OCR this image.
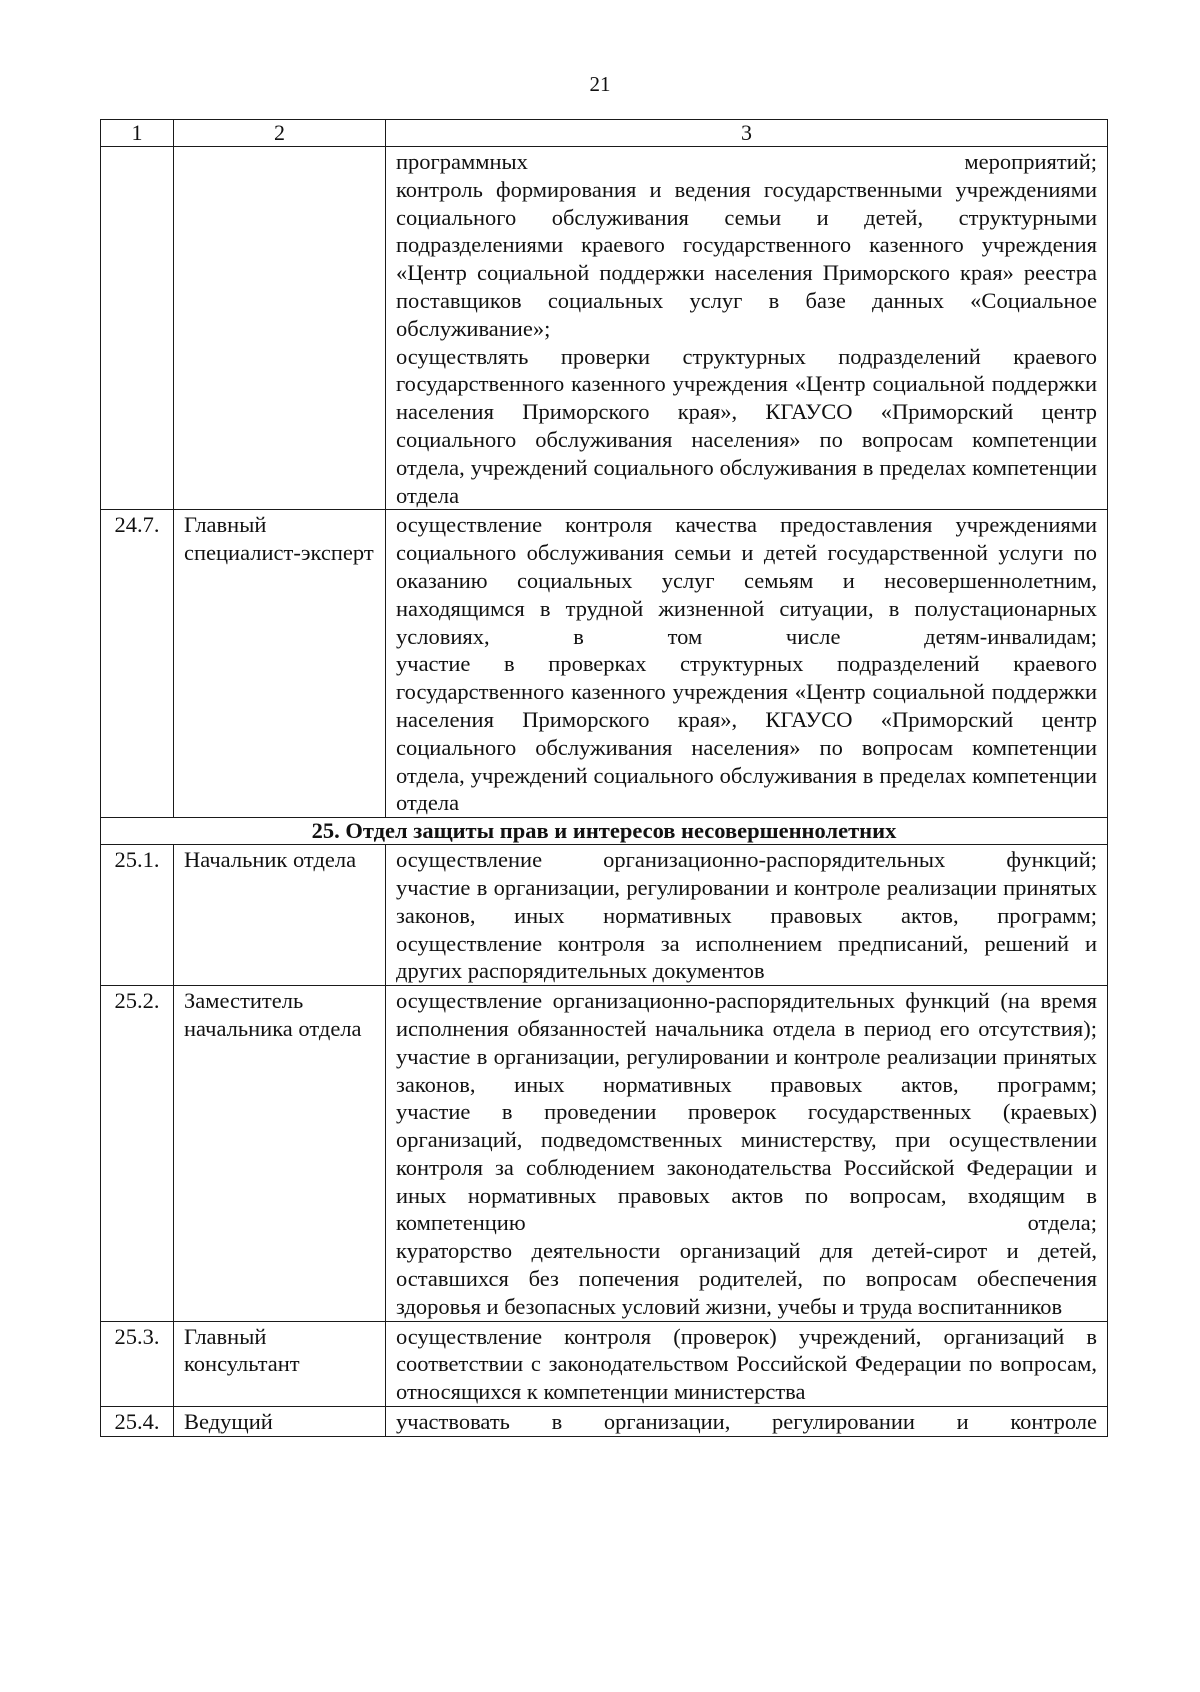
21
1	2	3

		программных мероприятий;
контроль формирования и ведения государственными учреждениями социального обслуживания семьи и детей, структурными подразделениями краевого государственного казенного учреждения «Центр социальной поддержки населения Приморского края» реестра поставщиков социальных услуг в базе данных «Социальное обслуживание»;
осуществлять проверки структурных подразделений краевого государственного казенного учреждения «Центр социальной поддержки населения Приморского края», КГАУСО «Приморский центр социального обслуживания населения» по вопросам компетенции отдела, учреждений социального обслуживания в пределах компетенции отдела

24.7.	Главный специалист-эксперт	осуществление контроля качества предоставления учреждениями социального обслуживания семьи и детей государственной услуги по оказанию социальных услуг семьям и несовершеннолетним, находящимся в трудной жизненной ситуации, в полустационарных условиях, в том числе детям-инвалидам;
участие в проверках структурных подразделений краевого государственного казенного учреждения «Центр социальной поддержки населения Приморского края», КГАУСО «Приморский центр социального обслуживания населения» по вопросам компетенции отдела, учреждений социального обслуживания в пределах компетенции отдела

25. Отдел защиты прав и интересов несовершеннолетних		
25.1.	Начальник отдела	осуществление организационно-распорядительных функций;
участие в организации, регулировании и контроле реализации принятых законов, иных нормативных правовых актов, программ;
осуществление контроля за исполнением предписаний, решений и других распорядительных документов

25.2.	Заместитель начальника отдела	осуществление организационно-распорядительных функций (на время исполнения обязанностей начальника отдела в период его отсутствия);
участие в организации, регулировании и контроле реализации принятых законов, иных нормативных правовых актов, программ;
участие в проведении проверок государственных (краевых) организаций, подведомственных министерству, при осуществлении контроля за соблюдением законодательства Российской Федерации и иных нормативных правовых актов по вопросам, входящим в компетенцию отдела;
кураторство деятельности организаций для детей-сирот и детей, оставшихся без попечения родителей, по вопросам обеспечения здоровья и безопасных условий жизни, учебы и труда воспитанников

25.3.	Главный консультант	осуществление контроля (проверок) учреждений, организаций в соответствии с законодательством Российской Федерации по вопросам, относящихся к компетенции министерства

25.4.	Ведущий	участвовать в организации, регулировании и контроле
